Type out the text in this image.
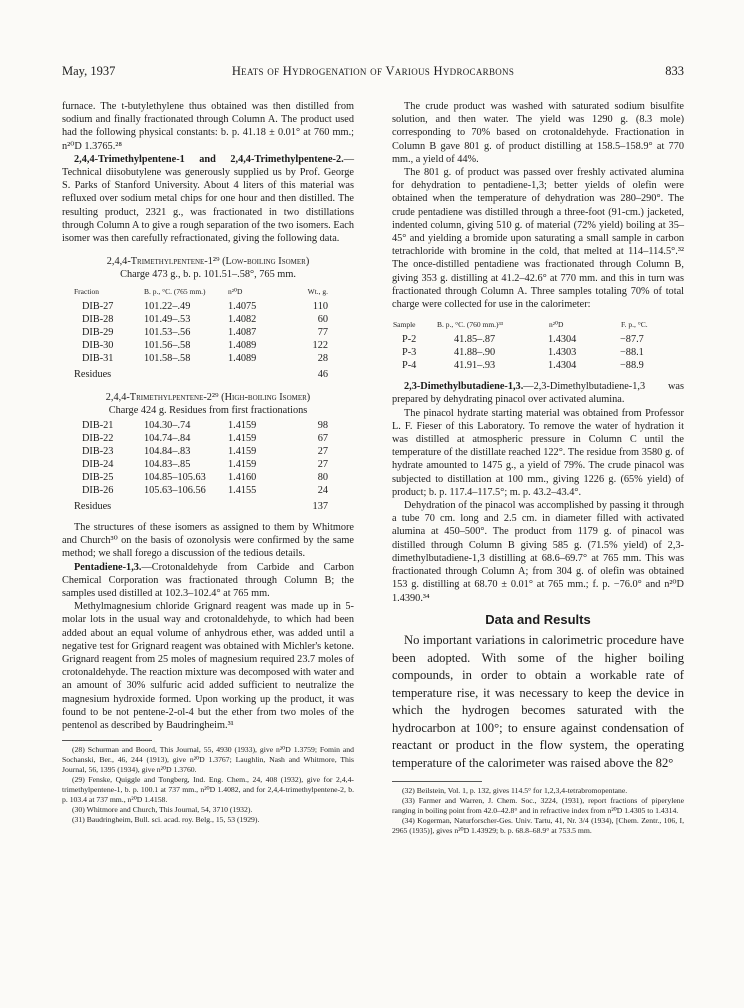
May, 1937	Heats of Hydrogenation of Various Hydrocarbons	833

furnace. The t-butylethylene thus obtained was then distilled from sodium and finally fractionated through Column A. The product used had the following physical constants: b. p. 41.18 ± 0.01° at 760 mm.; n²⁰D 1.3765.²⁸

2,4,4-Trimethylpentene-1 and 2,4,4-Trimethylpentene-2.—Technical diisobutylene was generously supplied us by Prof. George S. Parks of Stanford University. About 4 liters of this material was refluxed over sodium metal chips for one hour and then distilled. The resulting product, 2321 g., was fractionated in two distillations through Column A to give a rough separation of the two isomers. Each isomer was then carefully refractionated, giving the following data.

2,4,4-Trimethylpentene-1²⁹ (Low-boiling Isomer)
Charge 473 g., b. p. 101.51–.58°, 765 mm.
Fraction	B. p., °C. (765 mm.)	n²⁰D	Wt., g.
DIB-27	101.22–.49	1.4075	110
DIB-28	101.49–.53	1.4082	60
DIB-29	101.53–.56	1.4087	77
DIB-30	101.56–.58	1.4089	122
DIB-31	101.58–.58	1.4089	28
Residues			46
2,4,4-Trimethylpentene-2²⁹ (High-boiling Isomer)
Charge 424 g. Residues from first fractionations
DIB-21	104.30–.74	1.4159	98
DIB-22	104.74–.84	1.4159	67
DIB-23	104.84–.83	1.4159	27
DIB-24	104.83–.85	1.4159	27
DIB-25	104.85–105.63	1.4160	80
DIB-26	105.63–106.56	1.4155	24
Residues			137

The structures of these isomers as assigned to them by Whitmore and Church³⁰ on the basis of ozonolysis were confirmed by the same method; we shall forego a discussion of the tedious details.

Pentadiene-1,3.—Crotonaldehyde from Carbide and Carbon Chemical Corporation was fractionated through Column B; the samples used distilled at 102.3–102.4° at 765 mm.

Methylmagnesium chloride Grignard reagent was made up in 5-molar lots in the usual way and crotonaldehyde, to which had been added about an equal volume of anhydrous ether, was added until a negative test for Grignard reagent was obtained with Michler's ketone. Grignard reagent from 25 moles of magnesium required 23.7 moles of crotonaldehyde. The reaction mixture was decomposed with water and an amount of 30% sulfuric acid added sufficient to neutralize the magnesium hydroxide formed. Upon working up the product, it was found to be not pentene-2-ol-4 but the ether from two moles of the pentenol as described by Baudringheim.³¹

(28) Schurman and Boord, This Journal, 55, 4930 (1933), give n²⁰D 1.3759; Fomin and Sochanski, Ber., 46, 244 (1913), give n²⁰D 1.3767; Laughlin, Nash and Whitmore, This Journal, 56, 1395 (1934), give n²⁰D 1.3760.

(29) Fenske, Quiggle and Tongberg, Ind. Eng. Chem., 24, 408 (1932), give for 2,4,4-trimethylpentene-1, b. p. 100.1 at 737 mm., n²⁰D 1.4082, and for 2,4,4-trimethylpentene-2, b. p. 103.4 at 737 mm., n²⁰D 1.4158.

(30) Whitmore and Church, This Journal, 54, 3710 (1932).

(31) Baudringheim, Bull. sci. acad. roy. Belg., 15, 53 (1929).

The crude product was washed with saturated sodium bisulfite solution, and then water. The yield was 1290 g. (8.3 mole) corresponding to 70% based on crotonaldehyde. Fractionation in Column B gave 801 g. of product distilling at 158.5–158.9° at 770 mm., a yield of 44%.

The 801 g. of product was passed over freshly activated alumina for dehydration to pentadiene-1,3; better yields of olefin were obtained when the temperature of dehydration was 280–290°. The crude pentadiene was distilled through a three-foot (91-cm.) jacketed, indented column, giving 510 g. of material (72% yield) boiling at 35–45° and yielding a bromide upon saturating a small sample in carbon tetrachloride with bromine in the cold, that melted at 114–114.5°.³² The once-distilled pentadiene was fractionated through Column B, giving 353 g. distilling at 41.2–42.6° at 770 mm. and this in turn was fractionated through Column A. Three samples totaling 70% of total charge were collected for use in the calorimeter:

Sample	B. p., °C. (760 mm.)³³	n²⁰D	F. p., °C.
P-2	41.85–.87	1.4304	−87.7
P-3	41.88–.90	1.4303	−88.1
P-4	41.91–.93	1.4304	−88.9

2,3-Dimethylbutadiene-1,3.—2,3-Dimethylbutadiene-1,3 was prepared by dehydrating pinacol over activated alumina.

The pinacol hydrate starting material was obtained from Professor L. F. Fieser of this Laboratory. To remove the water of hydration it was distilled at atmospheric pressure in Column C until the temperature of the distillate reached 122°. The residue from 3580 g. of hydrate amounted to 1475 g., a yield of 79%. The crude pinacol was subjected to distillation at 100 mm., giving 1226 g. (65% yield) of product; b. p. 117.4–117.5°; m. p. 43.2–43.4°.

Dehydration of the pinacol was accomplished by passing it through a tube 70 cm. long and 2.5 cm. in diameter filled with activated alumina at 450–500°. The product from 1179 g. of pinacol was distilled through Column B giving 585 g. (71.5% yield) of 2,3-dimethylbutadiene-1,3 distilling at 68.6–69.7° at 765 mm. This was fractionated through Column A; from 304 g. of olefin was obtained 153 g. distilling at 68.70 ± 0.01° at 765 mm.; f. p. −76.0° and n²⁰D 1.4390.³⁴

Data and Results

No important variations in calorimetric procedure have been adopted. With some of the higher boiling compounds, in order to obtain a workable rate of temperature rise, it was necessary to keep the device in which the hydrogen becomes saturated with the hydrocarbon at 100°; to ensure against condensation of reactant or product in the flow system, the operating temperature of the calorimeter was raised above the 82°

(32) Beilstein, Vol. 1, p. 132, gives 114.5° for 1,2,3,4-tetrabromopentane.

(33) Farmer and Warren, J. Chem. Soc., 3224, (1931), report fractions of piperylene ranging in boiling point from 42.0–42.8° and in refractive index from n²⁰D 1.4305 to 1.4314.

(34) Kogerman, Naturforscher-Ges. Univ. Tartu, 41, Nr. 3/4 (1934), [Chem. Zentr., 106, I, 2965 (1935)], gives n²⁰D 1.43929; b. p. 68.8–68.9° at 753.5 mm.
